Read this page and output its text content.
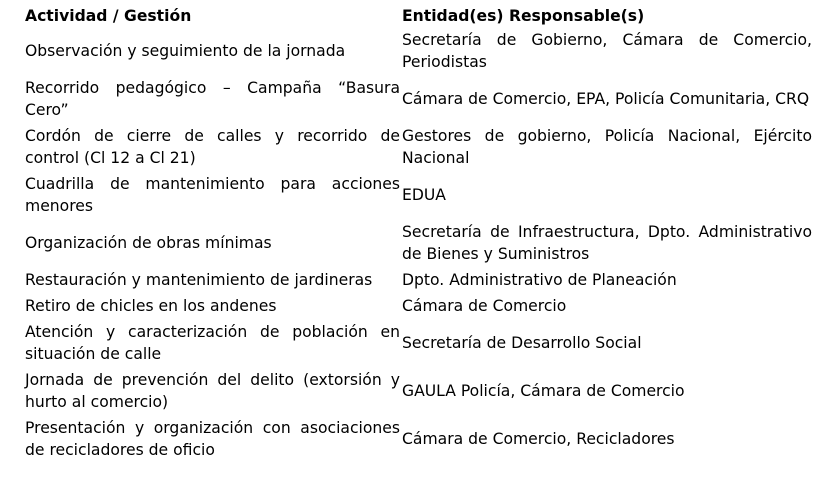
Actividad / Gestión	Entidad(es) Responsable(s)
Observación y seguimiento de la jornada	Secretaría de Gobierno, Cámara de Comercio, Periodistas
Recorrido pedagógico – Campaña “Basura Cero”	Cámara de Comercio, EPA, Policía Comunitaria, CRQ
Cordón de cierre de calles y recorrido de control (Cl 12 a Cl 21)	Gestores de gobierno, Policía Nacional, Ejército Nacional
Cuadrilla de mantenimiento para acciones menores	EDUA
Organización de obras mínimas	Secretaría de Infraestructura, Dpto. Administrativo de Bienes y Suministros
Restauración y mantenimiento de jardineras	Dpto. Administrativo de Planeación
Retiro de chicles en los andenes	Cámara de Comercio
Atención y caracterización de población en situación de calle	Secretaría de Desarrollo Social
Jornada de prevención del delito (extorsión y hurto al comercio)	GAULA Policía, Cámara de Comercio
Presentación y organización con asociaciones de recicladores de oficio	Cámara de Comercio, Recicladores
